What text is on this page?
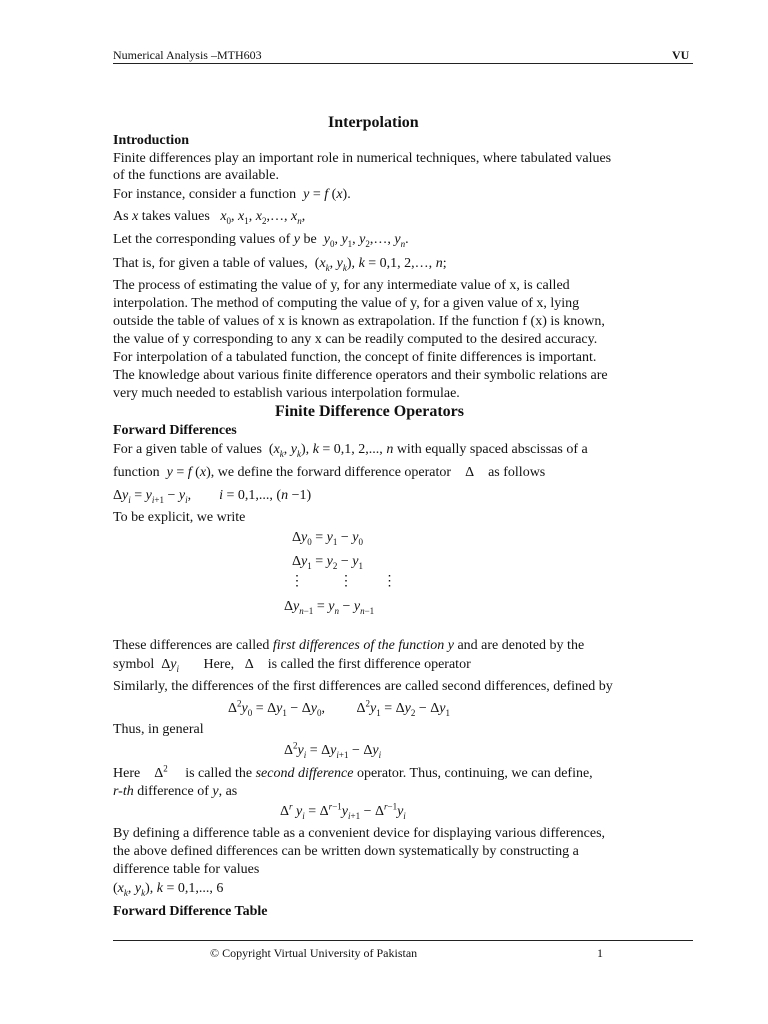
Numerical Analysis –MTH603	VU
Interpolation
Introduction
Finite differences play an important role in numerical techniques, where tabulated values
of the functions are available.
For instance, consider a function y = f (x).
As x takes values $x_0$, $x_1$, $x_2,\dots$, $x_n$,
Let the corresponding values of y be $y_0$, $y_1$, $y_2,\dots$, $y_n$.
That is, for given a table of values,  ($x_k$, $y_k$), k = 0,1, 2,…, n;
The process of estimating the value of y, for any intermediate value of x, is called
interpolation. The method of computing the value of y, for a given value of x, lying
outside the table of values of x is known as extrapolation. If the function f (x) is known,
the value of y corresponding to any x can be readily computed to the desired accuracy.
For interpolation of a tabulated function, the concept of finite differences is important.
The knowledge about various finite difference operators and their symbolic relations are
very much needed to establish various interpolation formulae.
Finite Difference Operators
Forward Differences
For a given table of values  ($x_k$, $y_k$), k = 0,1, 2,..., n with equally spaced abscissas of a
function y = f (x), we define the forward difference operator    Δ    as follows
$\Delta y_i = y_{i+1} - y_i$,        i = 0,1,..., (n −1)
To be explicit, we write
$\Delta y_0 = y_1 - y_0$
$\Delta y_1 = y_2 - y_1$
⋮      ⋮     ⋮
$\Delta y_{n-1} = y_n - y_{n-1}$
These differences are called first differences of the function y and are denoted by the
symbol  $\Delta y_i$ Here,   Δ    is called the first difference operator
Similarly, the differences of the first differences are called second differences, defined by
$\Delta^2y_0 = \Delta y_1 - \Delta y_0$,         $\Delta^2y_1 = \Delta y_2 - \Delta y_1$
Thus, in general
$\Delta^2y_i = \Delta y_{i+1} - \Delta y_i$
Here    $\Delta^2$ is called the second difference operator. Thus, continuing, we can define,
r-th difference of y, as
$\Delta^r$ $y_i = \Delta^{r-1}y_{i+1} - \Delta^{r-1}y_i$
By defining a difference table as a convenient device for displaying various differences,
the above defined differences can be written down systematically by constructing a
difference table for values
($x_k$, $y_k$), k = 0,1,..., 6
Forward Difference Table
© Copyright Virtual University of Pakistan	1
